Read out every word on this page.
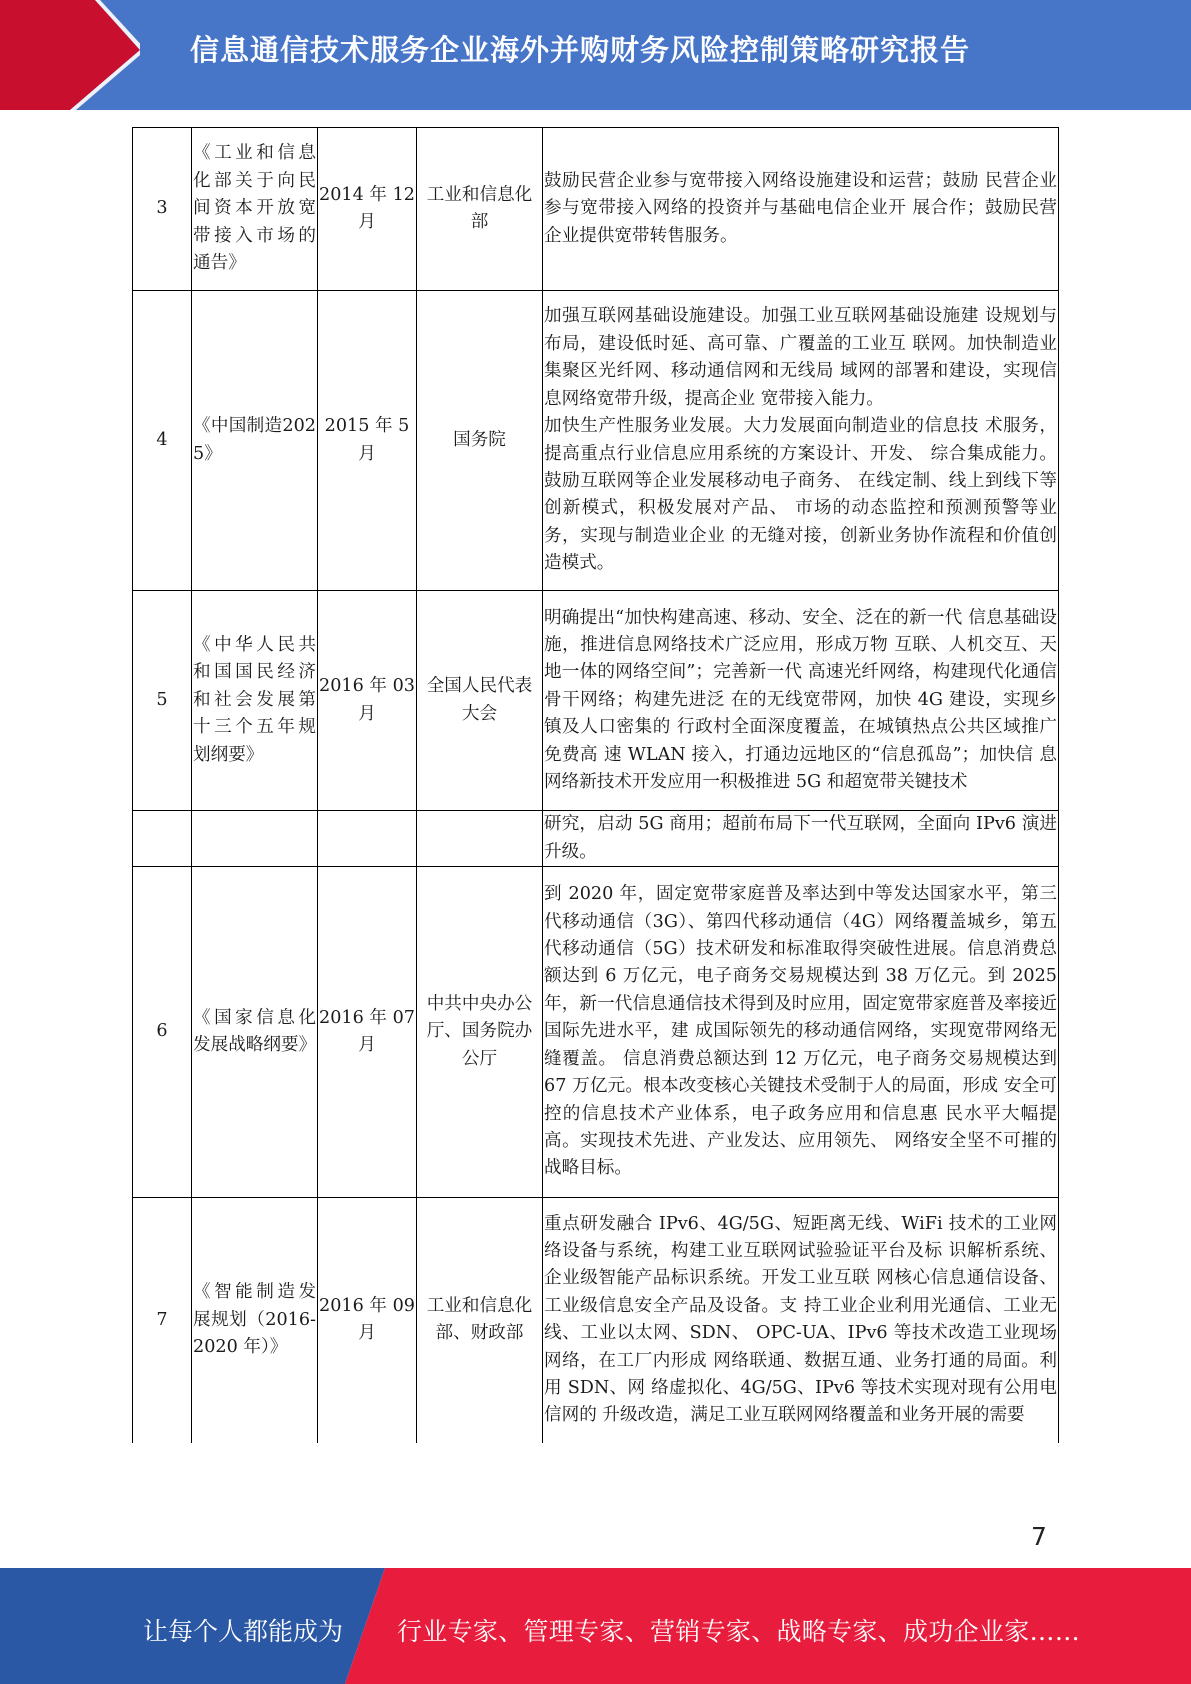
信息通信技术服务企业海外并购财务风险控制策略研究报告
3	《工业和信息化部关于向民间资本开放宽带接入市场的 通告》	2014 年 12 月	工业和信息化部	鼓励民营企业参与宽带接入网络设施建设和运营；鼓励 民营企业参与宽带接入网络的投资并与基础电信企业开 展合作；鼓励民营企业提供宽带转售服务。
4	《中国制造2025》	2015 年 5 月	国务院	加强互联网基础设施建设。加强工业互联网基础设施建 设规划与布局，建设低时延、高可靠、广覆盖的工业互 联网。加快制造业集聚区光纤网、移动通信网和无线局 域网的部署和建设，实现信息网络宽带升级，提高企业 宽带接入能力。
加快生产性服务业发展。大力发展面向制造业的信息技 术服务，提高重点行业信息应用系统的方案设计、开发、 综合集成能力。鼓励互联网等企业发展移动电子商务、 在线定制、线上到线下等创新模式，积极发展对产品、 市场的动态监控和预测预警等业务，实现与制造业企业 的无缝对接，创新业务协作流程和价值创造模式。
5	《中华人民共和国国民经济和社会发展第十三个五年规划纲要》	2016 年 03 月	全国人民代表大会	明确提出“加快构建高速、移动、安全、泛在的新一代 信息基础设施，推进信息网络技术广泛应用，形成万物 互联、人机交互、天地一体的网络空间”；完善新一代 高速光纤网络，构建现代化通信骨干网络；构建先进泛 在的无线宽带网，加快 4G 建设，实现乡镇及人口密集的 行政村全面深度覆盖，在城镇热点公共区域推广免费高 速 WLAN 接入，打通边远地区的“信息孤岛”；加快信 息网络新技术开发应用一积极推进 5G 和超宽带关键技术
				研究，启动 5G 商用；超前布局下一代互联网，全面向 IPv6 演进升级。
6	《国家信息化发展战略纲要》	2016 年 07 月	中共中央办公厅、国务院办公厅	到 2020 年，固定宽带家庭普及率达到中等发达国家水平，第三代移动通信（3G）、第四代移动通信（4G）网络覆盖城乡，第五代移动通信（5G）技术研发和标准取得突破性进展。信息消费总额达到 6 万亿元，电子商务交易规模达到 38 万亿元。到 2025 年，新一代信息通信技术得到及时应用，固定宽带家庭普及率接近国际先进水平，建 成国际领先的移动通信网络，实现宽带网络无缝覆盖。 信息消费总额达到 12 万亿元，电子商务交易规模达到 67 万亿元。根本改变核心关键技术受制于人的局面，形成 安全可控的信息技术产业体系，电子政务应用和信息惠 民水平大幅提高。实现技术先进、产业发达、应用领先、 网络安全坚不可摧的战略目标。
7	《智能制造发展规划（2016-2020 年）》	2016 年 09 月	工业和信息化部、财政部	重点研发融合 IPv6、4G/5G、短距离无线、WiFi 技术的工业网络设备与系统，构建工业互联网试验验证平台及标 识解析系统、企业级智能产品标识系统。开发工业互联 网核心信息通信设备、工业级信息安全产品及设备。支 持工业企业利用光通信、工业无线、工业以太网、SDN、 OPC-UA、IPv6 等技术改造工业现场网络，在工厂内形成 网络联通、数据互通、业务打通的局面。利用 SDN、网 络虚拟化、4G/5G、IPv6 等技术实现对现有公用电信网的 升级改造，满足工业互联网网络覆盖和业务开展的需要
7
让每个人都能成为 行业专家、管理专家、营销专家、战略专家、成功企业家……
